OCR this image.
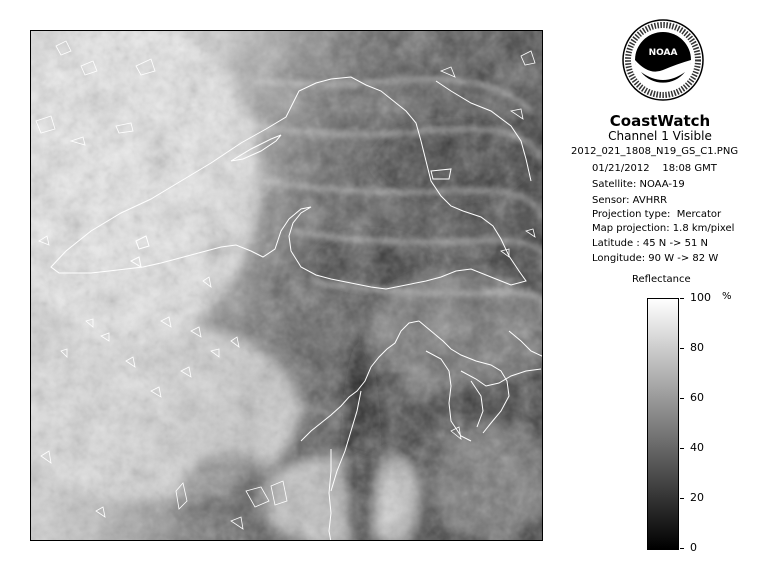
NOAA
CoastWatch
Channel 1 Visible
2012_021_1808_N19_GS_C1.PNG
01/21/2012    18:08 GMT
Satellite: NOAA-19
Sensor: AVHRR
Projection type:  Mercator
Map projection: 1.8 km/pixel
Latitude : 45 N -> 51 N
Longitude: 90 W -> 82 W
Reflectance
%
100
80
60
40
20
0
